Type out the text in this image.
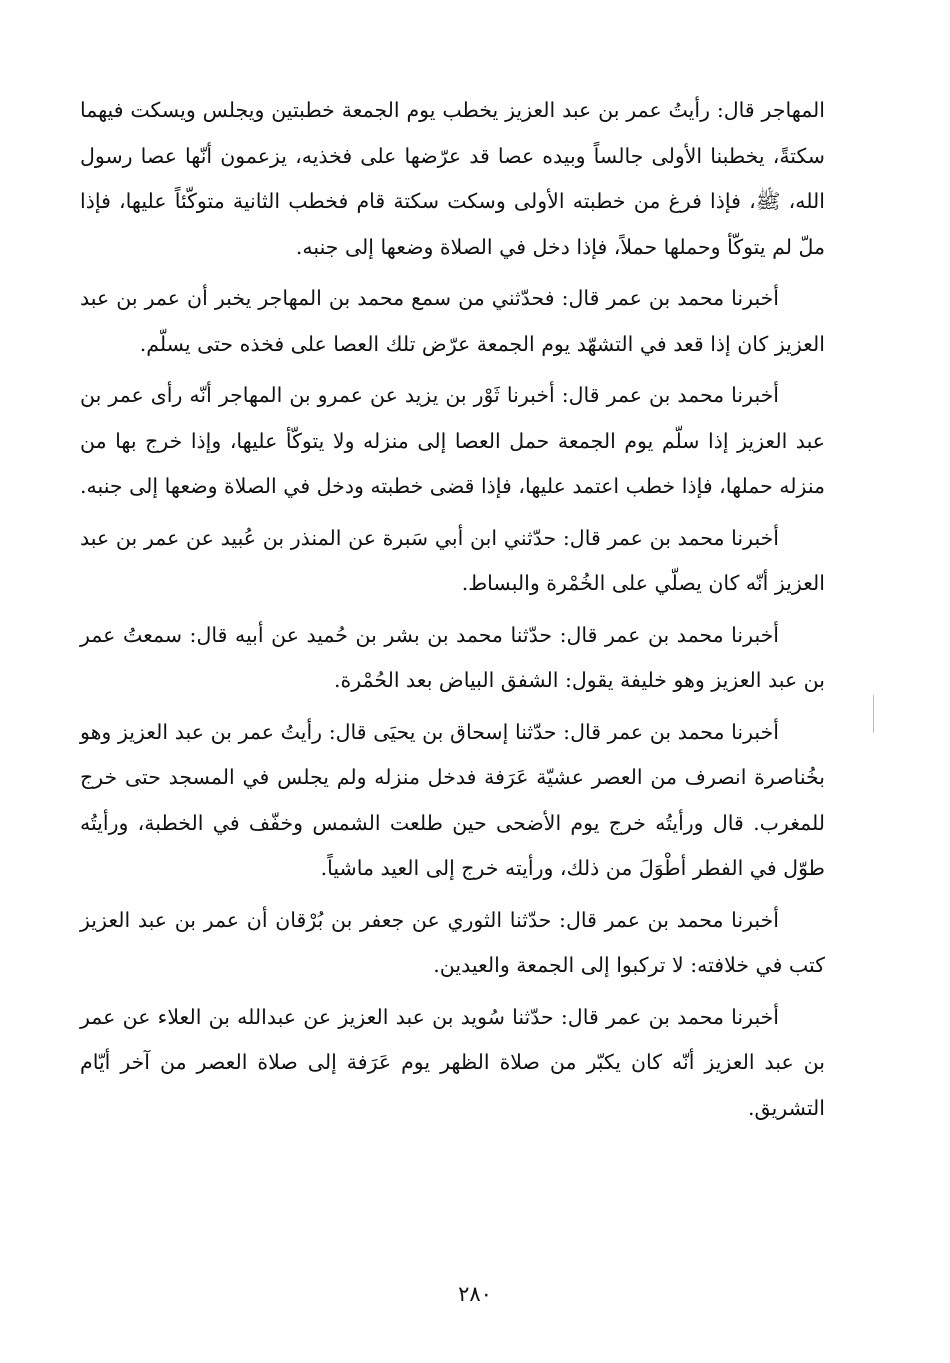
المهاجر قال: رأيتُ عمر بن عبد العزيز يخطب يوم الجمعة خطبتين ويجلس ويسكت فيهما سكتةً، يخطبنا الأولى جالساً وبيده عصا قد عرّضها على فخذيه، يزعمون أنّها عصا رسول الله، ﷺ، فإذا فرغ من خطبته الأولى وسكت سكتة قام فخطب الثانية متوكّئاً عليها، فإذا ملّ لم يتوكّأ وحملها حملاً، فإذا دخل في الصلاة وضعها إلى جنبه.

أخبرنا محمد بن عمر قال: فحدّثني من سمع محمد بن المهاجر يخبر أن عمر بن عبد العزيز كان إذا قعد في التشهّد يوم الجمعة عرّض تلك العصا على فخذه حتى يسلّم.

أخبرنا محمد بن عمر قال: أخبرنا ثَوْر بن يزيد عن عمرو بن المهاجر أنّه رأى عمر بن عبد العزيز إذا سلّم يوم الجمعة حمل العصا إلى منزله ولا يتوكّأ عليها، وإذا خرج بها من منزله حملها، فإذا خطب اعتمد عليها، فإذا قضى خطبته ودخل في الصلاة وضعها إلى جنبه.

أخبرنا محمد بن عمر قال: حدّثني ابن أبي سَبرة عن المنذر بن عُبيد عن عمر بن عبد العزيز أنّه كان يصلّي على الخُمْرة والبساط.

أخبرنا محمد بن عمر قال: حدّثنا محمد بن بشر بن حُميد عن أبيه قال: سمعتُ عمر بن عبد العزيز وهو خليفة يقول: الشفق البياض بعد الحُمْرة.

أخبرنا محمد بن عمر قال: حدّثنا إسحاق بن يحيَى قال: رأيتُ عمر بن عبد العزيز وهو بخُناصرة انصرف من العصر عشيّة عَرَفة فدخل منزله ولم يجلس في المسجد حتى خرج للمغرب. قال ورأيتُه خرج يوم الأضحى حين طلعت الشمس وخفّف في الخطبة، ورأيتُه طوّل في الفطر أطْوَلَ من ذلك، ورأيته خرج إلى العيد ماشياً.

أخبرنا محمد بن عمر قال: حدّثنا الثوري عن جعفر بن بُرْقان أن عمر بن عبد العزيز كتب في خلافته: لا تركبوا إلى الجمعة والعيدين.

أخبرنا محمد بن عمر قال: حدّثنا سُويد بن عبد العزيز عن عبدالله بن العلاء عن عمر بن عبد العزيز أنّه كان يكبّر من صلاة الظهر يوم عَرَفة إلى صلاة العصر من آخر أيّام التشريق.

٢٨٠
